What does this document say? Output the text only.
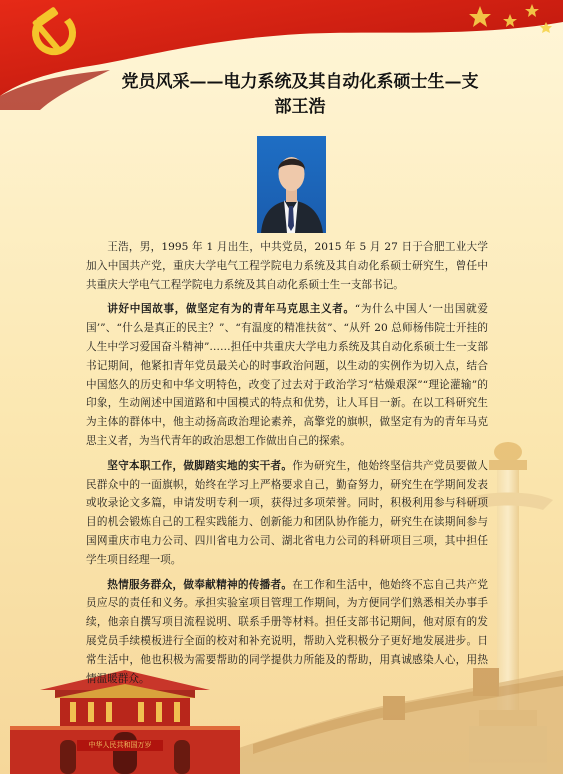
中华人民共和国万岁
党员风采——电力系统及其自动化系硕士生—支
部王浩

王浩，男，1995 年 1 月出生，中共党员，2015 年 5 月 27 日于合肥工业大学加入中国共产党，重庆大学电气工程学院电力系统及其自动化系硕士研究生，曾任中共重庆大学电气工程学院电力系统及其自动化系硕士生一支部书记。

讲好中国故事，做坚定有为的青年马克思主义者。“为什么中国人‘一出国就爱国’”、“什么是真正的民主？”、“有温度的精准扶贫”、“从歼 20 总师杨伟院士开挂的人生中学习爱国奋斗精神”……担任中共重庆大学电力系统及其自动化系硕士生一支部书记期间，他紧扣青年党员最关心的时事政治问题，以生动的实例作为切入点，结合中国悠久的历史和中华文明特色，改变了过去对于政治学习“枯燥艰深”“理论灌输”的印象，生动阐述中国道路和中国模式的特点和优势，让人耳目一新。在以工科研究生为主体的群体中，他主动扬高政治理论素养，高擎党的旗帜，做坚定有为的青年马克思主义者，为当代青年的政治思想工作做出自己的探索。

坚守本职工作，做脚踏实地的实干者。作为研究生，他始终坚信共产党员要做人民群众中的一面旗帜，始终在学习上严格要求自己，勤奋努力，研究生在学期间发表或收录论文多篇，申请发明专利一项，获得过多项荣誉。同时，积极利用参与科研项目的机会锻炼自己的工程实践能力、创新能力和团队协作能力，研究生在读期间参与国网重庆市电力公司、四川省电力公司、湖北省电力公司的科研项目三项，其中担任学生项目经理一项。

热情服务群众，做奉献精神的传播者。在工作和生活中，他始终不忘自己共产党员应尽的责任和义务。承担实验室项目管理工作期间，为方便同学们熟悉相关办事手续，他亲自撰写项目流程说明、联系手册等材料。担任支部书记期间，他对原有的发展党员手续模板进行全面的校对和补充说明，帮助入党积极分子更好地发展进步。日常生活中，他也积极为需要帮助的同学提供力所能及的帮助，用真诚感染人心，用热情温暖群众。
